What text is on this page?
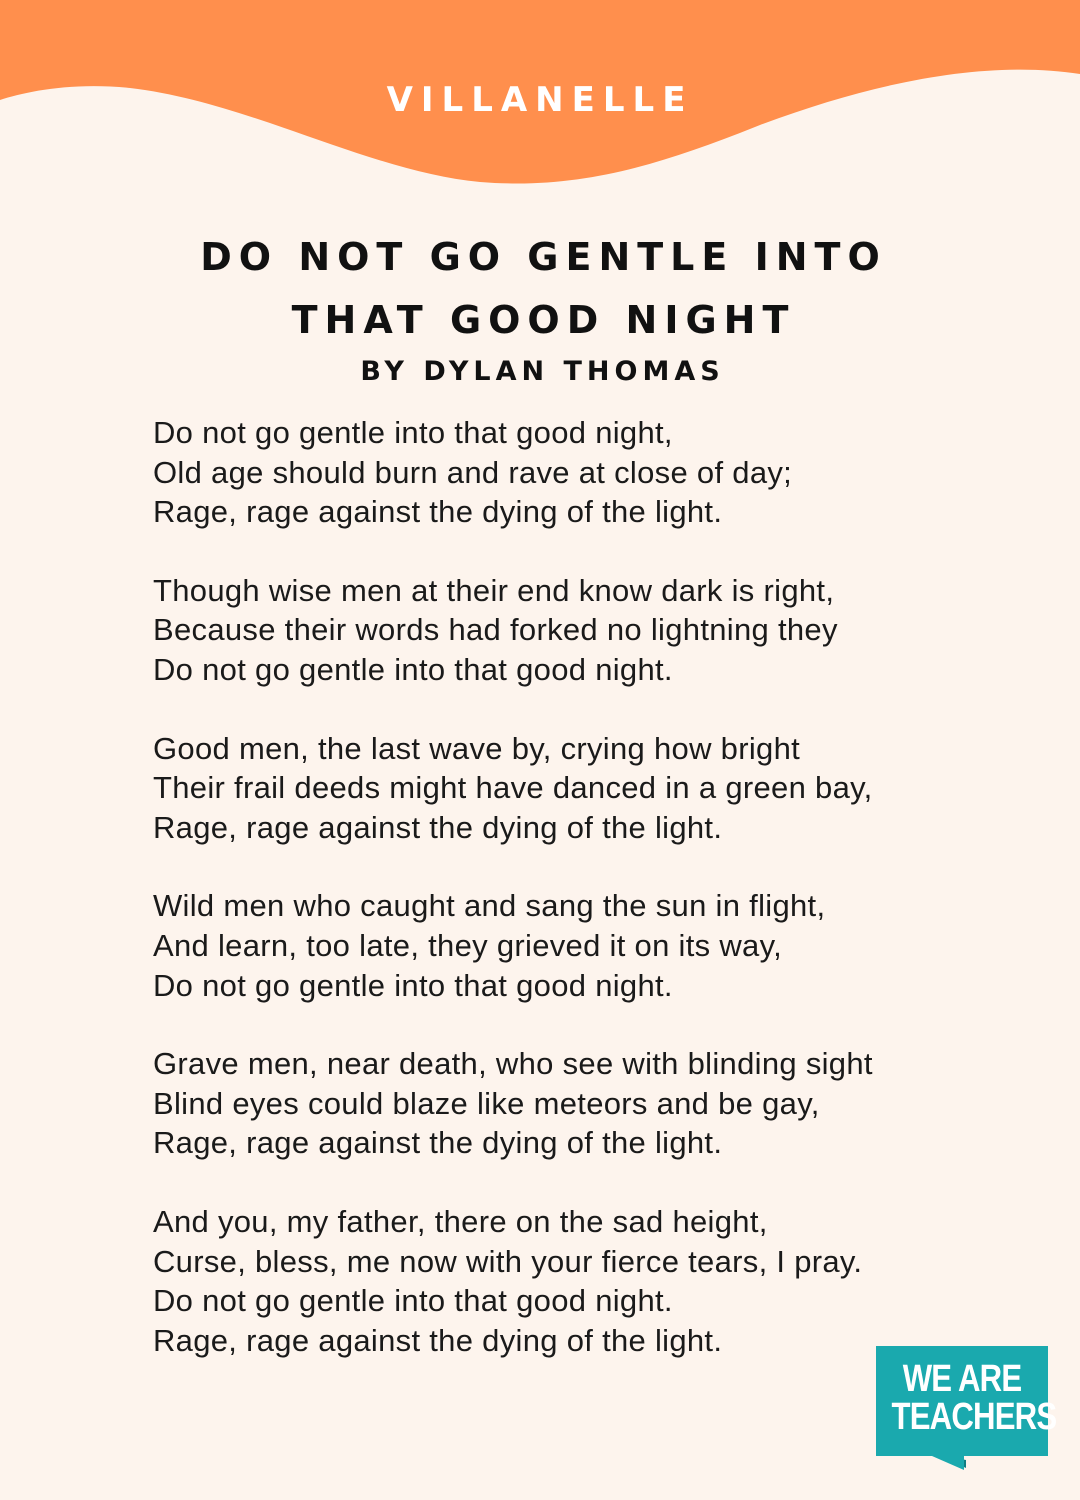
VILLANELLE
DO NOT GO GENTLE INTO
THAT GOOD NIGHT
BY DYLAN THOMAS
Do not go gentle into that good night,
Old age should burn and rave at close of day;
Rage, rage against the dying of the light.
Though wise men at their end know dark is right,
Because their words had forked no lightning they
Do not go gentle into that good night.
Good men, the last wave by, crying how bright
Their frail deeds might have danced in a green bay,
Rage, rage against the dying of the light.
Wild men who caught and sang the sun in flight,
And learn, too late, they grieved it on its way,
Do not go gentle into that good night.
Grave men, near death, who see with blinding sight
Blind eyes could blaze like meteors and be gay,
Rage, rage against the dying of the light.
And you, my father, there on the sad height,
Curse, bless, me now with your fierce tears, I pray.
Do not go gentle into that good night.
Rage, rage against the dying of the light.
WE ARE
TEACHERS
